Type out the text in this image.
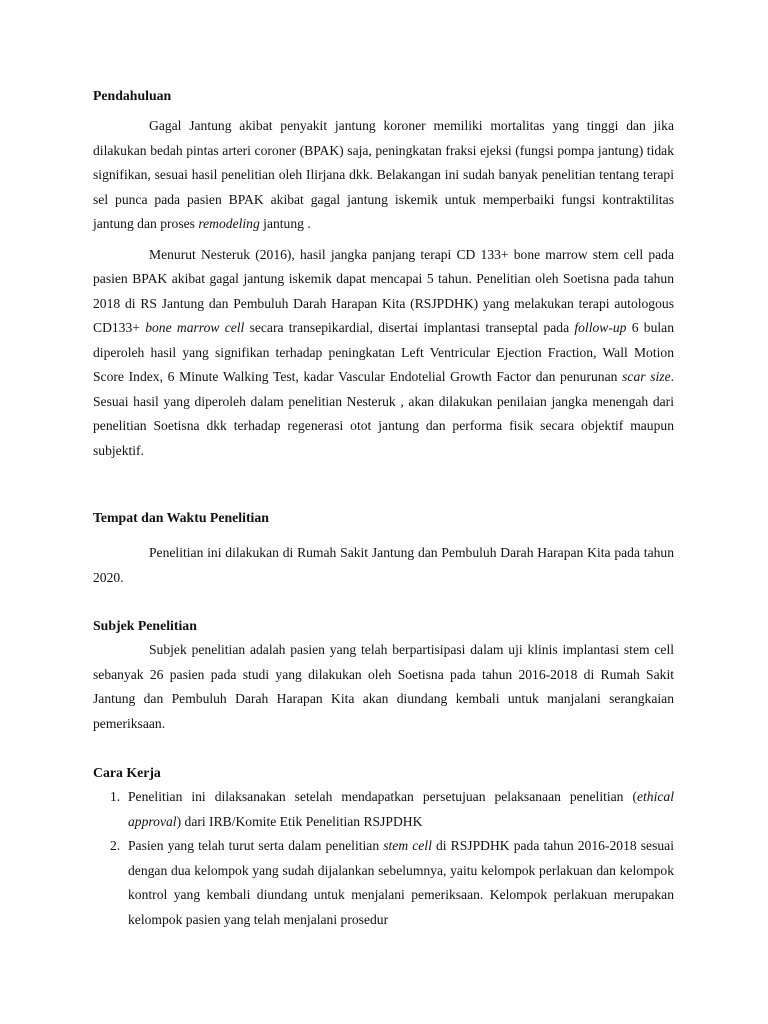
Pendahuluan

Gagal Jantung akibat penyakit jantung koroner memiliki mortalitas yang tinggi dan jika dilakukan bedah pintas arteri coroner (BPAK) saja, peningkatan fraksi ejeksi (fungsi pompa jantung) tidak signifikan, sesuai hasil penelitian oleh Ilirjana dkk. Belakangan ini sudah banyak penelitian tentang terapi sel punca pada pasien BPAK akibat gagal jantung iskemik untuk memperbaiki fungsi kontraktilitas jantung dan proses remodeling jantung .

Menurut Nesteruk (2016), hasil jangka panjang terapi CD 133+ bone marrow stem cell pada pasien BPAK akibat gagal jantung iskemik dapat mencapai 5 tahun. Penelitian oleh Soetisna pada tahun 2018 di RS Jantung dan Pembuluh Darah Harapan Kita (RSJPDHK) yang melakukan terapi autologous CD133+ bone marrow cell secara transepikardial, disertai implantasi transeptal pada follow-up 6 bulan diperoleh hasil yang signifikan terhadap peningkatan Left Ventricular Ejection Fraction, Wall Motion Score Index, 6 Minute Walking Test, kadar Vascular Endotelial Growth Factor dan penurunan scar size. Sesuai hasil yang diperoleh dalam penelitian Nesteruk , akan dilakukan penilaian jangka menengah dari penelitian Soetisna dkk terhadap regenerasi otot jantung dan performa fisik secara objektif maupun subjektif.

Tempat dan Waktu Penelitian

Penelitian ini dilakukan di Rumah Sakit Jantung dan Pembuluh Darah Harapan Kita pada tahun 2020.

Subjek Penelitian

Subjek penelitian adalah pasien yang telah berpartisipasi dalam uji klinis implantasi stem cell sebanyak 26 pasien pada studi yang dilakukan oleh Soetisna pada tahun 2016-2018 di Rumah Sakit Jantung dan Pembuluh Darah Harapan Kita akan diundang kembali untuk manjalani serangkaian pemeriksaan.

Cara Kerja
1. Penelitian ini dilaksanakan setelah mendapatkan persetujuan pelaksanaan penelitian (ethical approval) dari IRB/Komite Etik Penelitian RSJPDHK
2. Pasien yang telah turut serta dalam penelitian stem cell di RSJPDHK pada tahun 2016-2018 sesuai dengan dua kelompok yang sudah dijalankan sebelumnya, yaitu kelompok perlakuan dan kelompok kontrol yang kembali diundang untuk menjalani pemeriksaan. Kelompok perlakuan merupakan kelompok pasien yang telah menjalani prosedur
